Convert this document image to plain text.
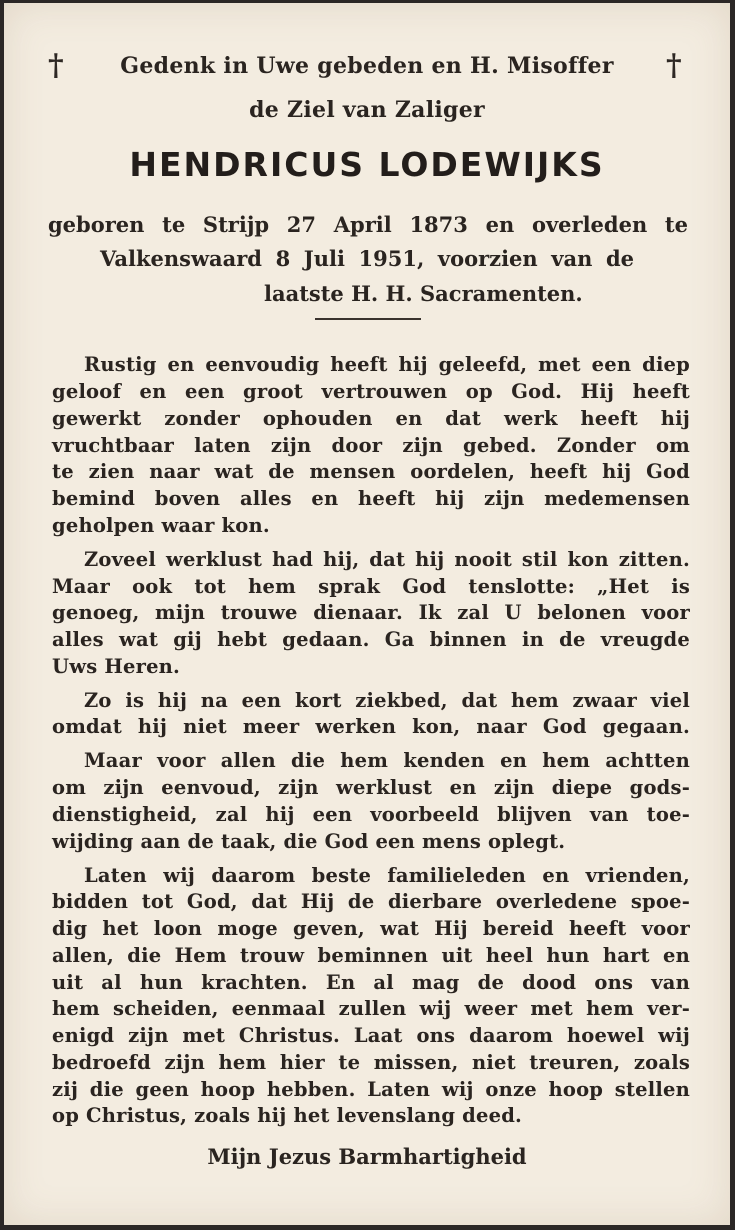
†	†
Gedenk in Uwe gebeden en H. Misoffer
de Ziel van Zaliger
HENDRICUS LODEWIJKS
geboren te Strijp 27 April 1873 en overleden te
Valkenswaard 8 Juli 1951, voorzien van de
laatste H. H. Sacramenten.
Rustig en eenvoudig heeft hij geleefd, met een diep
geloof en een groot vertrouwen op God. Hij heeft
gewerkt zonder ophouden en dat werk heeft hij
vruchtbaar laten zijn door zijn gebed. Zonder om
te zien naar wat de mensen oordelen, heeft hij God
bemind boven alles en heeft hij zijn medemensen
geholpen waar kon.
Zoveel werklust had hij, dat hij nooit stil kon zitten.
Maar ook tot hem sprak God tenslotte: „Het is
genoeg, mijn trouwe dienaar. Ik zal U belonen voor
alles wat gij hebt gedaan. Ga binnen in de vreugde
Uws Heren.
Zo is hij na een kort ziekbed, dat hem zwaar viel
omdat hij niet meer werken kon, naar God gegaan.
Maar voor allen die hem kenden en hem achtten
om zijn eenvoud, zijn werklust en zijn diepe gods-
dienstigheid, zal hij een voorbeeld blijven van toe-
wijding aan de taak, die God een mens oplegt.
Laten wij daarom beste familieleden en vrienden,
bidden tot God, dat Hij de dierbare overledene spoe-
dig het loon moge geven, wat Hij bereid heeft voor
allen, die Hem trouw beminnen uit heel hun hart en
uit al hun krachten. En al mag de dood ons van
hem scheiden, eenmaal zullen wij weer met hem ver-
enigd zijn met Christus. Laat ons daarom hoewel wij
bedroefd zijn hem hier te missen, niet treuren, zoals
zij die geen hoop hebben. Laten wij onze hoop stellen
op Christus, zoals hij het levenslang deed.
Mijn Jezus Barmhartigheid
